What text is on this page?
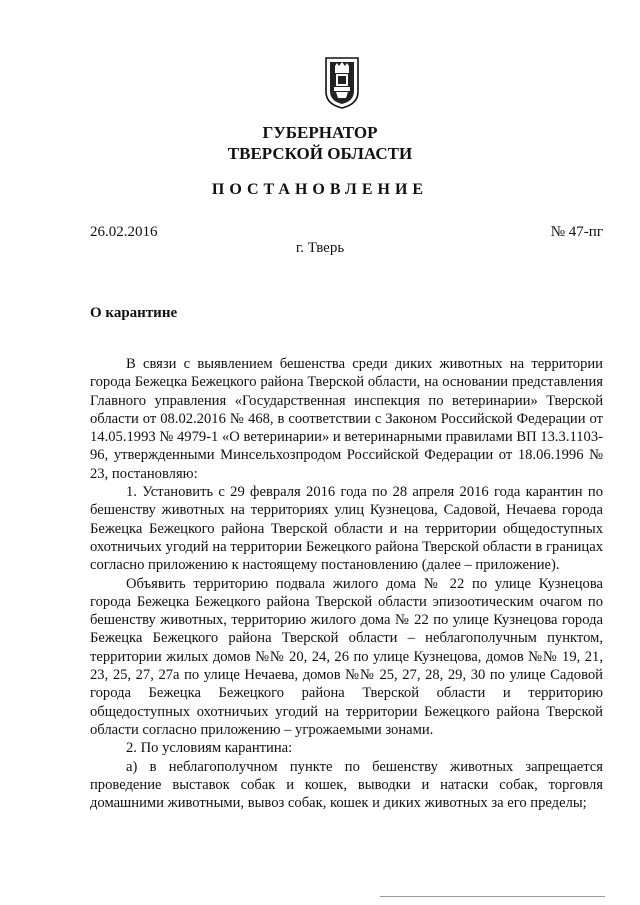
ГУБЕРНАТОР
ТВЕРСКОЙ ОБЛАСТИ
ПОСТАНОВЛЕНИЕ
26.02.2016	№ 47-пг
г. Тверь
О карантине

В связи с выявлением бешенства среди диких животных на территории города Бежецка Бежецкого района Тверской области, на основании представления Главного управления «Государственная инспекция по ветеринарии» Тверской области от 08.02.2016 № 468, в соответствии с Законом Российской Федерации от 14.05.1993 № 4979-1 «О ветеринарии» и ветеринарными правилами ВП 13.3.1103-96, утвержденными Минсельхозпродом Российской Федерации от 18.06.1996 № 23, постановляю:

1. Установить с 29 февраля 2016 года по 28 апреля 2016 года карантин по бешенству животных на территориях улиц Кузнецова, Садовой, Нечаева города Бежецка Бежецкого района Тверской области и на территории общедоступных охотничьих угодий на территории Бежецкого района Тверской области в границах согласно приложению к настоящему постановлению (далее – приложение).

Объявить территорию подвала жилого дома № 22 по улице Кузнецова города Бежецка Бежецкого района Тверской области эпизоотическим очагом по бешенству животных, территорию жилого дома № 22 по улице Кузнецова города Бежецка Бежецкого района Тверской области – неблагополучным пунктом, территории жилых домов №№ 20, 24, 26 по улице Кузнецова, домов №№ 19, 21, 23, 25, 27, 27а по улице Нечаева, домов №№ 25, 27, 28, 29, 30 по улице Садовой города Бежецка Бежецкого района Тверской области и территорию общедоступных охотничьих угодий на территории Бежецкого района Тверской области согласно приложению – угрожаемыми зонами.

2. По условиям карантина:

а) в неблагополучном пункте по бешенству животных запрещается проведение выставок собак и кошек, выводки и натаски собак, торговля домашними животными, вывоз собак, кошек и диких животных за его пределы;
